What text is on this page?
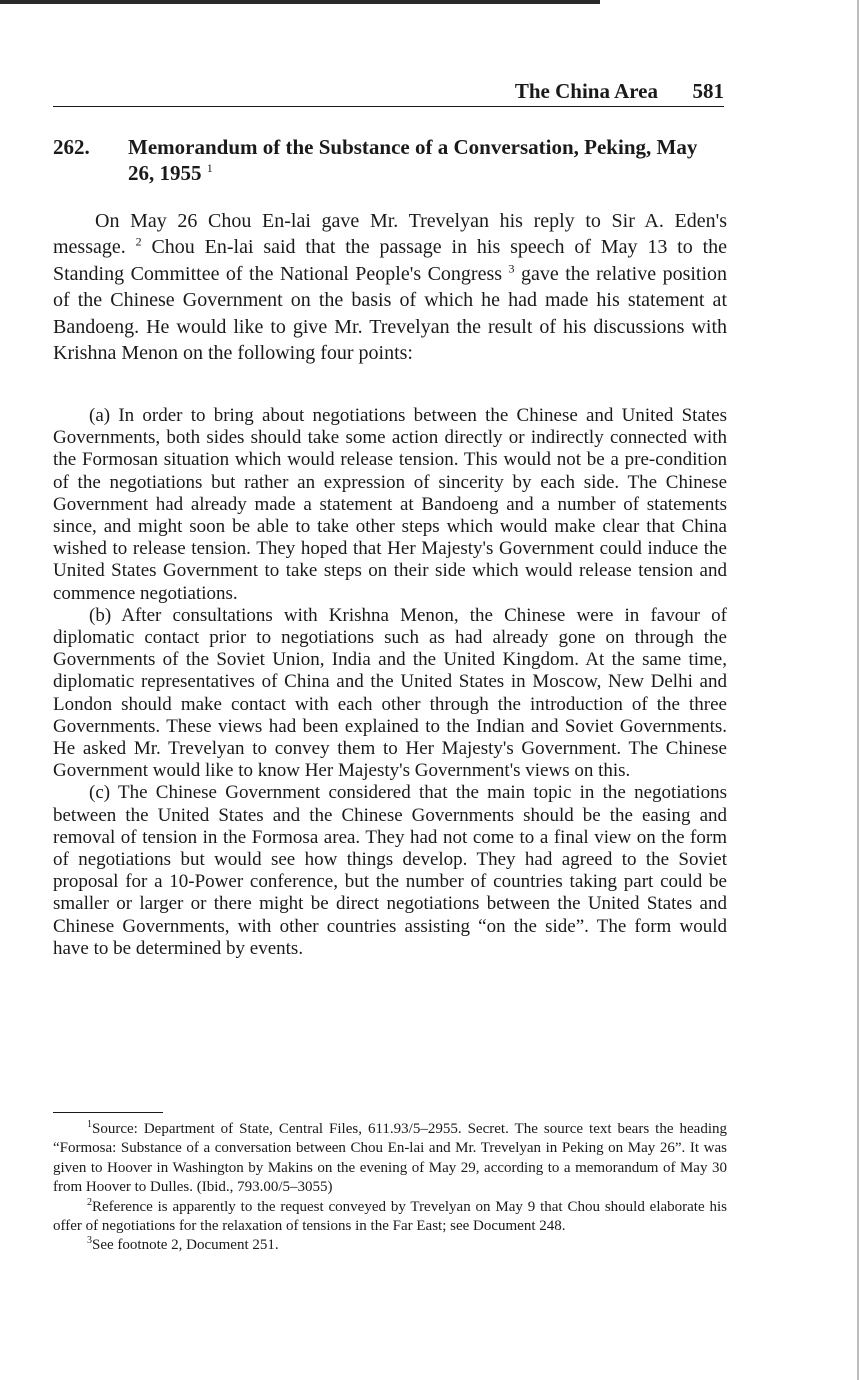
The China Area 581
262. Memorandum of the Substance of a Conversation, Peking, May 26, 1955 $^1$

On May 26 Chou En-lai gave Mr. Trevelyan his reply to Sir A. Eden's message. $^2$ Chou En-lai said that the passage in his speech of May 13 to the Standing Committee of the National People's Congress $^3$ gave the relative position of the Chinese Government on the basis of which he had made his statement at Bandoeng. He would like to give Mr. Trevelyan the result of his discussions with Krishna Menon on the following four points:

(a) In order to bring about negotiations between the Chinese and United States Governments, both sides should take some action directly or indirectly connected with the Formosan situation which would release tension. This would not be a pre-condition of the negotiations but rather an expression of sincerity by each side. The Chinese Government had already made a statement at Bandoeng and a number of statements since, and might soon be able to take other steps which would make clear that China wished to release tension. They hoped that Her Majesty's Government could induce the United States Government to take steps on their side which would release tension and commence negotiations.

(b) After consultations with Krishna Menon, the Chinese were in favour of diplomatic contact prior to negotiations such as had already gone on through the Governments of the Soviet Union, India and the United Kingdom. At the same time, diplomatic representatives of China and the United States in Moscow, New Delhi and London should make contact with each other through the introduction of the three Governments. These views had been explained to the Indian and Soviet Governments. He asked Mr. Trevelyan to convey them to Her Majesty's Government. The Chinese Government would like to know Her Majesty's Government's views on this.

(c) The Chinese Government considered that the main topic in the negotiations between the United States and the Chinese Governments should be the easing and removal of tension in the Formosa area. They had not come to a final view on the form of negotiations but would see how things develop. They had agreed to the Soviet proposal for a 10-Power conference, but the number of countries taking part could be smaller or larger or there might be direct negotiations between the United States and Chinese Governments, with other countries assisting “on the side”. The form would have to be determined by events.

$^1$Source: Department of State, Central Files, 611.93/5–2955. Secret. The source text bears the heading “Formosa: Substance of a conversation between Chou En-lai and Mr. Trevelyan in Peking on May 26”. It was given to Hoover in Washington by Makins on the evening of May 29, according to a memorandum of May 30 from Hoover to Dulles. (Ibid., 793.00/5–3055)

$^2$Reference is apparently to the request conveyed by Trevelyan on May 9 that Chou should elaborate his offer of negotiations for the relaxation of tensions in the Far East; see Document 248.

$^3$See footnote 2, Document 251.
